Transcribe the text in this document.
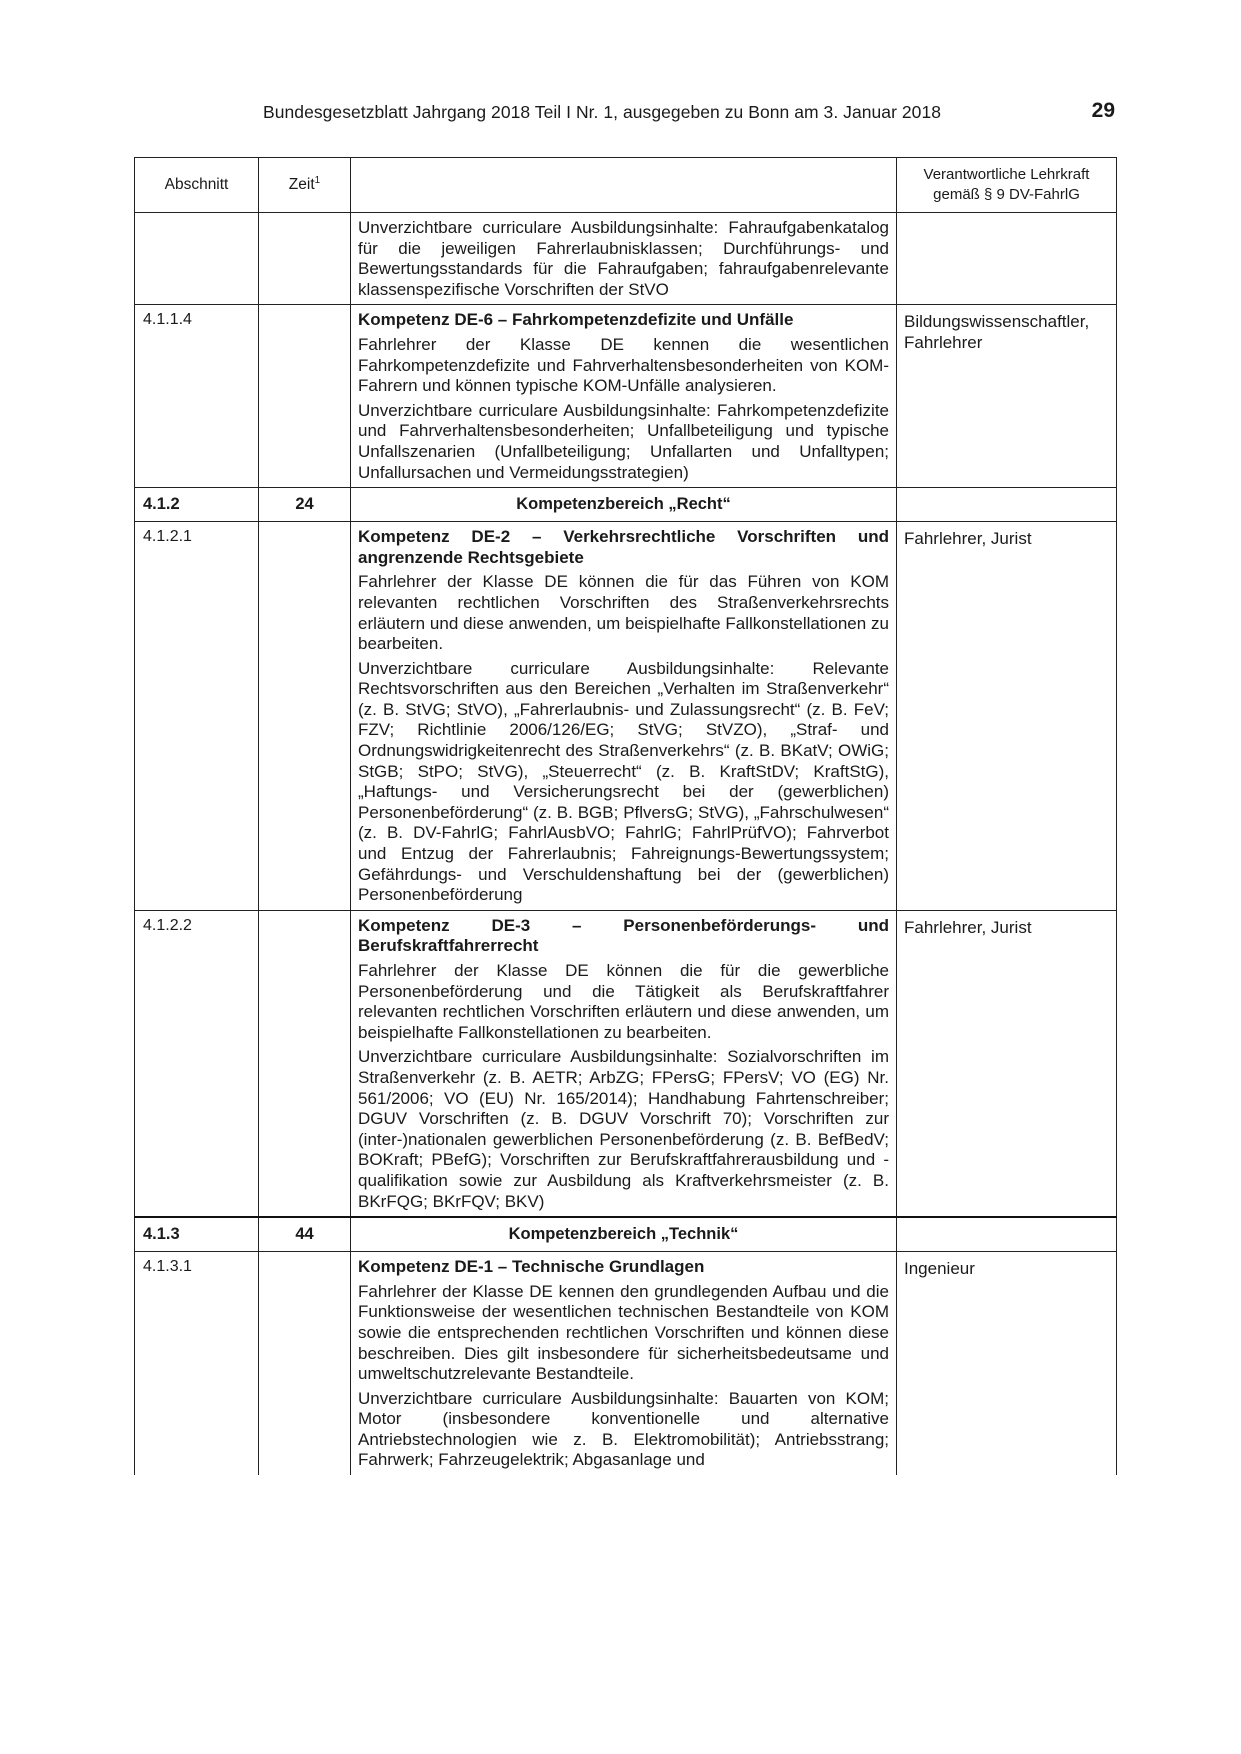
Bundesgesetzblatt Jahrgang 2018 Teil I Nr. 1, ausgegeben zu Bonn am 3. Januar 2018	29
Abschnitt	Zeit$^1$		Verantwortliche Lehrkraft gemäß § 9 DV-FahrlG

		Unverzichtbare curriculare Ausbildungsinhalte: Fahraufgabenkatalog für die jeweiligen Fahrerlaubnisklassen; Durchführungs- und Bewertungsstandards für die Fahraufgaben; fahraufgabenrelevante klassenspezifische Vorschriften der StVO	

4.1.1.4		Kompetenz DE-6 – Fahrkompetenzdefizite und Unfälle

Fahrlehrer der Klasse DE kennen die wesentlichen Fahrkompetenzdefizite und Fahrverhaltensbesonderheiten von KOM-Fahrern und können typische KOM-Unfälle analysieren.

Unverzichtbare curriculare Ausbildungsinhalte: Fahrkompetenzdefizite und Fahrverhaltensbesonderheiten; Unfallbeteiligung und typische Unfallszenarien (Unfallbeteiligung; Unfallarten und Unfalltypen; Unfallursachen und Vermeidungsstrategien)	Bildungswissenschaftler, Fahrlehrer
4.1.2	24	Kompetenzbereich „Recht“	
4.1.2.1		Kompetenz DE-2 – Verkehrsrechtliche Vorschriften und angrenzende Rechtsgebiete

Fahrlehrer der Klasse DE können die für das Führen von KOM relevanten rechtlichen Vorschriften des Straßenverkehrsrechts erläutern und diese anwenden, um beispielhafte Fallkonstellationen zu bearbeiten.

Unverzichtbare curriculare Ausbildungsinhalte: Relevante Rechtsvorschriften aus den Bereichen „Verhalten im Straßenverkehr“ (z. B. StVG; StVO), „Fahrerlaubnis- und Zulassungsrecht“ (z. B. FeV; FZV; Richtlinie 2006/126/EG; StVG; StVZO), „Straf- und Ordnungswidrigkeitenrecht des Straßenverkehrs“ (z. B. BKatV; OWiG; StGB; StPO; StVG), „Steuerrecht“ (z. B. KraftStDV; KraftStG), „Haftungs- und Versicherungsrecht bei der (gewerblichen) Personenbeförderung“ (z. B. BGB; PflversG; StVG), „Fahrschulwesen“ (z. B. DV-FahrlG; FahrlAusbVO; FahrlG; FahrlPrüfVO); Fahrverbot und Entzug der Fahrerlaubnis; Fahreignungs-Bewertungssystem; Gefährdungs- und Verschuldenshaftung bei der (gewerblichen) Personenbeförderung	Fahrlehrer, Jurist
4.1.2.2		Kompetenz DE-3 – Personenbeförderungs- und Berufskraftfahrerrecht

Fahrlehrer der Klasse DE können die für die gewerbliche Personenbeförderung und die Tätigkeit als Berufskraftfahrer relevanten rechtlichen Vorschriften erläutern und diese anwenden, um beispielhafte Fallkonstellationen zu bearbeiten.

Unverzichtbare curriculare Ausbildungsinhalte: Sozialvorschriften im Straßenverkehr (z. B. AETR; ArbZG; FPersG; FPersV; VO (EG) Nr. 561/2006; VO (EU) Nr. 165/2014); Handhabung Fahrtenschreiber; DGUV Vorschriften (z. B. DGUV Vorschrift 70); Vorschriften zur (inter-)nationalen gewerblichen Personenbeförderung (z. B. BefBedV; BOKraft; PBefG); Vorschriften zur Berufskraftfahrerausbildung und -qualifikation sowie zur Ausbildung als Kraftverkehrsmeister (z. B. BKrFQG; BKrFQV; BKV)	Fahrlehrer, Jurist
4.1.3	44	Kompetenzbereich „Technik“	
4.1.3.1		Kompetenz DE-1 – Technische Grundlagen

Fahrlehrer der Klasse DE kennen den grundlegenden Aufbau und die Funktionsweise der wesentlichen technischen Bestandteile von KOM sowie die entsprechenden rechtlichen Vorschriften und können diese beschreiben. Dies gilt insbesondere für sicherheitsbedeutsame und umweltschutzrelevante Bestandteile.

Unverzichtbare curriculare Ausbildungsinhalte: Bauarten von KOM; Motor (insbesondere konventionelle und alternative Antriebstechnologien wie z. B. Elektromobilität); Antriebsstrang; Fahrwerk; Fahrzeugelektrik; Abgasanlage und	Ingenieur
